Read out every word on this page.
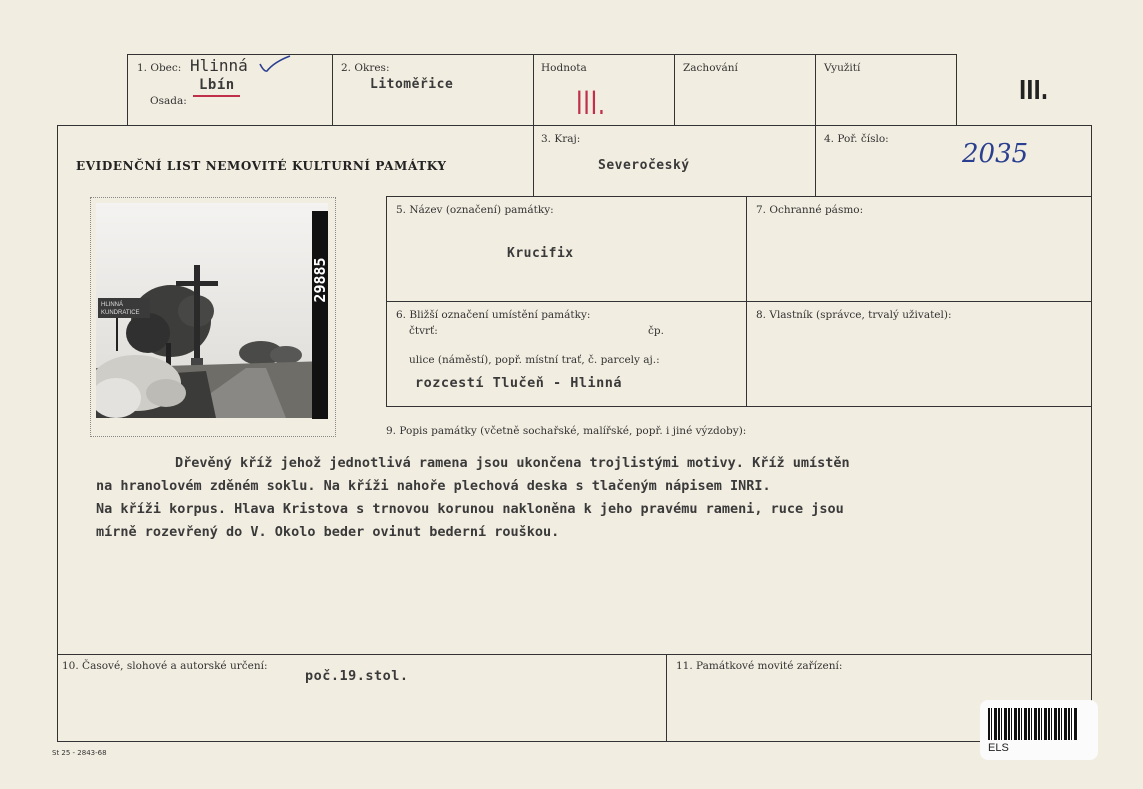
1. Obec: Hlinná
Lbín
Osada:
2. Okres:
Litoměřice
Hodnota
III.
Zachování	Využití
III.
EVIDENČNÍ LIST NEMOVITÉ KULTURNÍ PAMÁTKY
3. Kraj:
Severočeský
4. Poř. číslo:	2035
HLINNÁ
KUNDRATICE
29885
5. Název (označení) památky:
Krucifix
7. Ochranné pásmo:
6. Bližší označení umístění památky:
čtvrť:	čp.
ulice (náměstí), popř. místní trať, č. parcely aj.:
rozcestí Tlučeň - Hlinná
8. Vlastník (správce, trvalý uživatel):
9. Popis památky (včetně sochařské, malířské, popř. i jiné výzdoby):
Dřevěný kříž jehož jednotlivá ramena jsou ukončena trojlistými motivy. Kříž umístěn
na hranolovém zděném soklu. Na kříži nahoře plechová deska s tlačeným nápisem INRI.
Na kříži korpus. Hlava Kristova s trnovou korunou nakloněna k jeho pravému rameni, ruce jsou
mírně rozevřený do V. Okolo beder ovinut bederní rouškou.
10. Časové, slohové a autorské určení:
poč.19.stol.
11. Památkové movité zařízení:
St 25 - 2843-68	ELS
